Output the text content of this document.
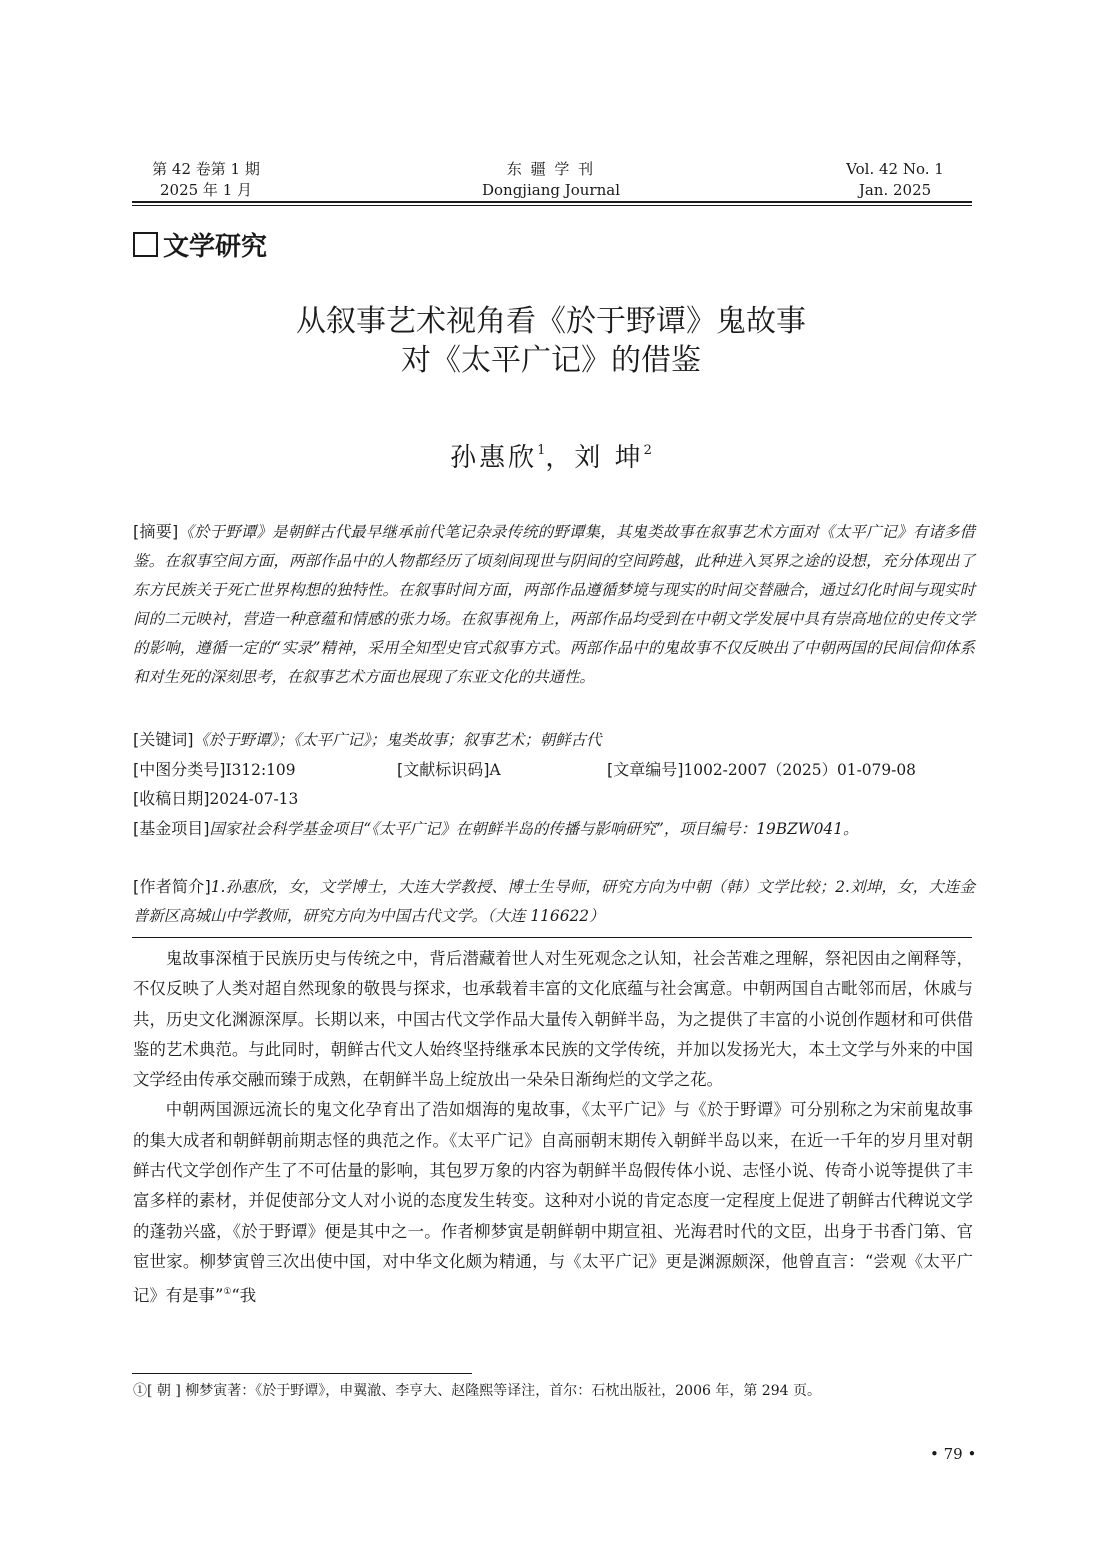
第 42 卷第 1 期
2025 年 1 月
东 疆 学 刊
Dongjiang Journal
Vol. 42 No. 1
Jan. 2025
文学研究
从叙事艺术视角看《於于野谭》鬼故事
对《太平广记》的借鉴
孙惠欣$^1$，刘 坤$^2$
[摘要]《於于野谭》是朝鲜古代最早继承前代笔记杂录传统的野谭集，其鬼类故事在叙事艺术方面对《太平广记》有诸多借鉴。在叙事空间方面，两部作品中的人物都经历了顷刻间现世与阴间的空间跨越，此种进入冥界之途的设想，充分体现出了东方民族关于死亡世界构想的独特性。在叙事时间方面，两部作品遵循梦境与现实的时间交替融合，通过幻化时间与现实时间的二元映衬，营造一种意蕴和情感的张力场。在叙事视角上，两部作品均受到在中朝文学发展中具有崇高地位的史传文学的影响，遵循一定的“实录”精神，采用全知型史官式叙事方式。两部作品中的鬼故事不仅反映出了中朝两国的民间信仰体系和对生死的深刻思考，在叙事艺术方面也展现了东亚文化的共通性。
[关键词]《於于野谭》；《太平广记》；鬼类故事；叙事艺术；朝鲜古代
[中图分类号]I312:109	[文献标识码]A	[文章编号]1002-2007（2025）01-079-08
[收稿日期]2024-07-13
[基金项目]国家社会科学基金项目“《太平广记》在朝鲜半岛的传播与影响研究”，项目编号：19BZW041。
[作者简介]1.孙惠欣，女，文学博士，大连大学教授、博士生导师，研究方向为中朝（韩）文学比较；2.刘坤，女，大连金普新区高城山中学教师，研究方向为中国古代文学。（大连 116622）

鬼故事深植于民族历史与传统之中，背后潜藏着世人对生死观念之认知，社会苦难之理解，祭祀因由之阐释等，不仅反映了人类对超自然现象的敬畏与探求，也承载着丰富的文化底蕴与社会寓意。中朝两国自古毗邻而居，休戚与共，历史文化渊源深厚。长期以来，中国古代文学作品大量传入朝鲜半岛，为之提供了丰富的小说创作题材和可供借鉴的艺术典范。与此同时，朝鲜古代文人始终坚持继承本民族的文学传统，并加以发扬光大，本土文学与外来的中国文学经由传承交融而臻于成熟，在朝鲜半岛上绽放出一朵朵日渐绚烂的文学之花。

中朝两国源远流长的鬼文化孕育出了浩如烟海的鬼故事，《太平广记》与《於于野谭》可分别称之为宋前鬼故事的集大成者和朝鲜朝前期志怪的典范之作。《太平广记》自高丽朝末期传入朝鲜半岛以来，在近一千年的岁月里对朝鲜古代文学创作产生了不可估量的影响，其包罗万象的内容为朝鲜半岛假传体小说、志怪小说、传奇小说等提供了丰富多样的素材，并促使部分文人对小说的态度发生转变。这种对小说的肯定态度一定程度上促进了朝鲜古代稗说文学的蓬勃兴盛，《於于野谭》便是其中之一。作者柳梦寅是朝鲜朝中期宣祖、光海君时代的文臣，出身于书香门第、官宦世家。柳梦寅曾三次出使中国，对中华文化颇为精通，与《太平广记》更是渊源颇深，他曾直言：“尝观《太平广记》有是事”①“我

①[ 朝 ] 柳梦寅著：《於于野谭》，申翼澈、李亨大、赵隆熙等译注，首尔：石枕出版社，2006 年，第 294 页。
• 79 •
